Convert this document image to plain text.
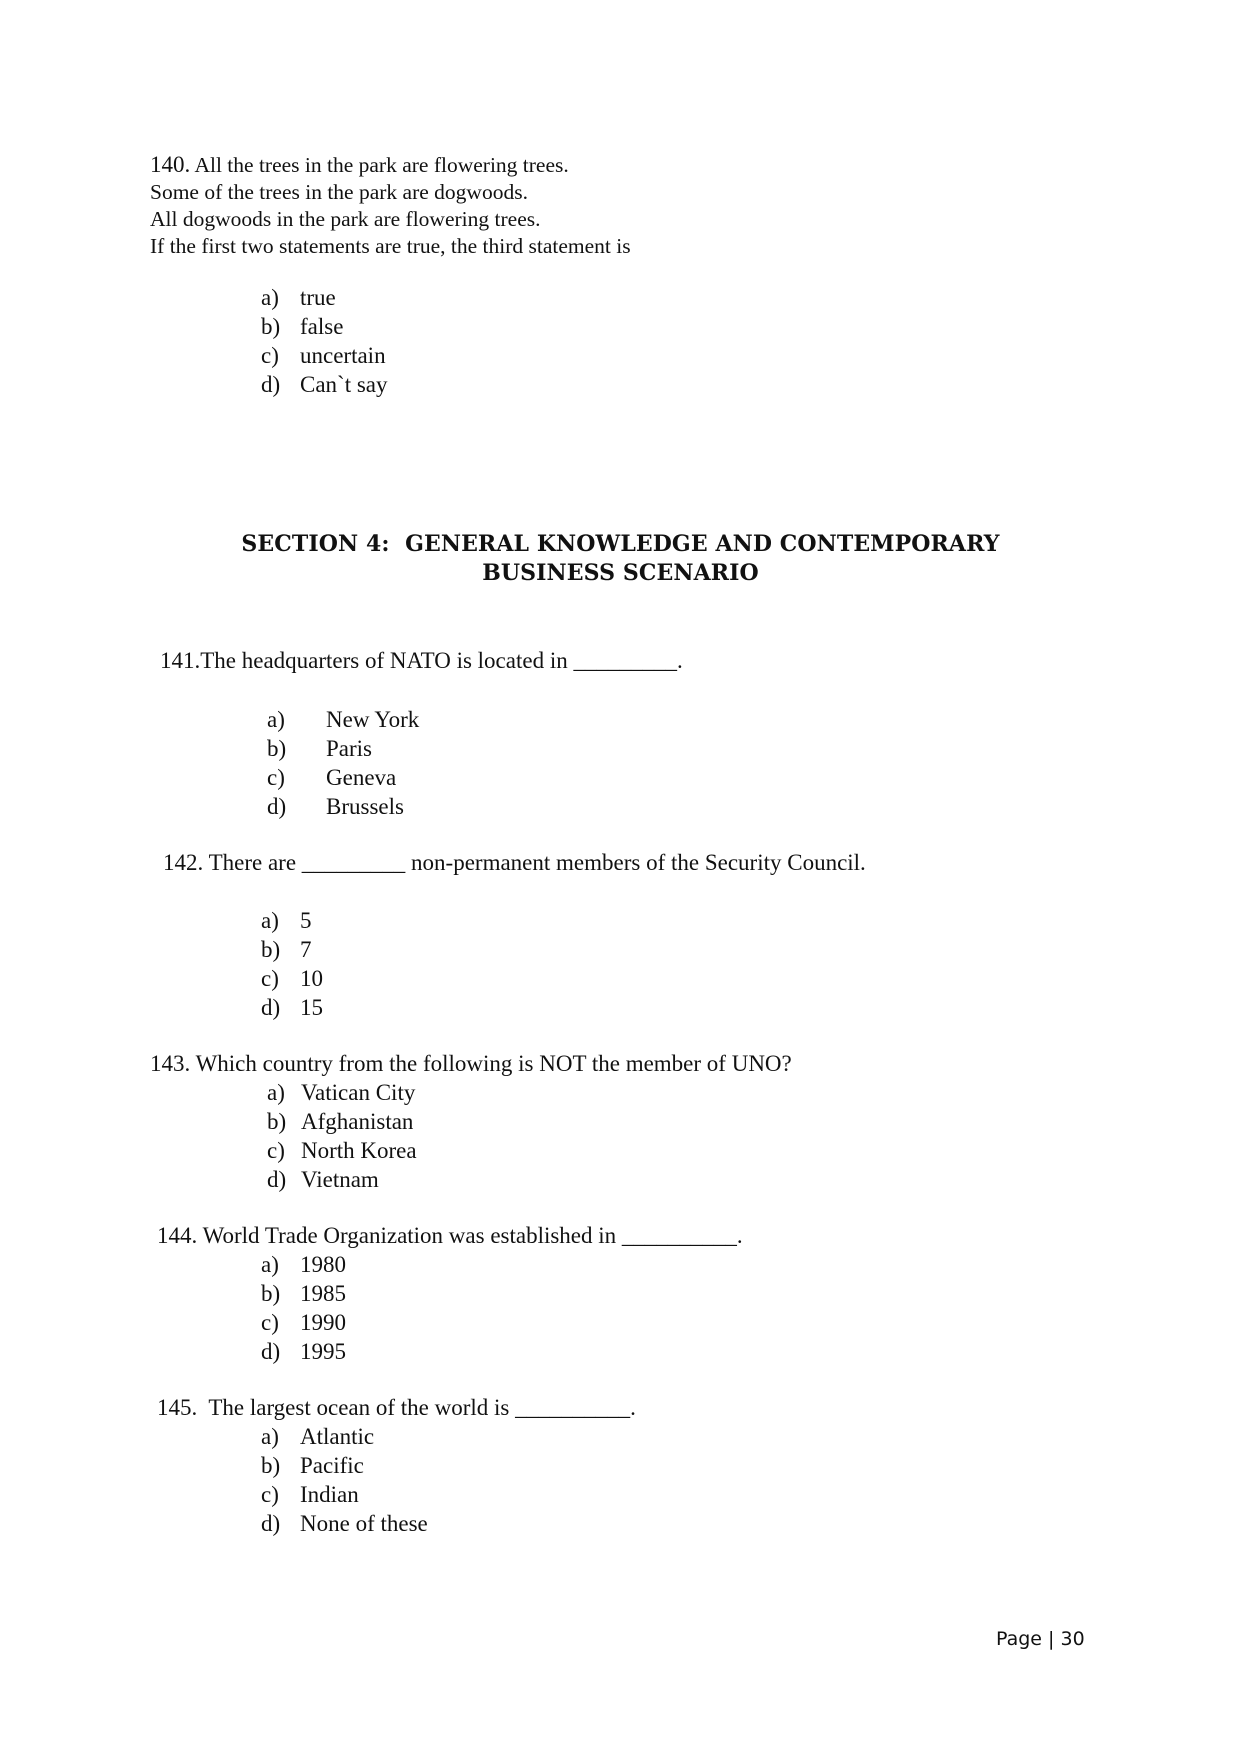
140. All the trees in the park are flowering trees.
Some of the trees in the park are dogwoods.
All dogwoods in the park are flowering trees.
If the first two statements are true, the third statement is
a) true
b) false
c) uncertain
d) Can`t say
SECTION 4:  GENERAL KNOWLEDGE AND CONTEMPORARY
BUSINESS SCENARIO
141.The headquarters of NATO is located in _________.
a) New York
b) Paris
c) Geneva
d) Brussels
142. There are _________ non-permanent members of the Security Council.
a) 5
b) 7
c) 10
d) 15
143. Which country from the following is NOT the member of UNO?
a) Vatican City
b) Afghanistan
c) North Korea
d) Vietnam
144. World Trade Organization was established in __________.
a) 1980
b) 1985
c) 1990
d) 1995
145.  The largest ocean of the world is __________.
a) Atlantic
b) Pacific
c) Indian
d) None of these
Page | 30
